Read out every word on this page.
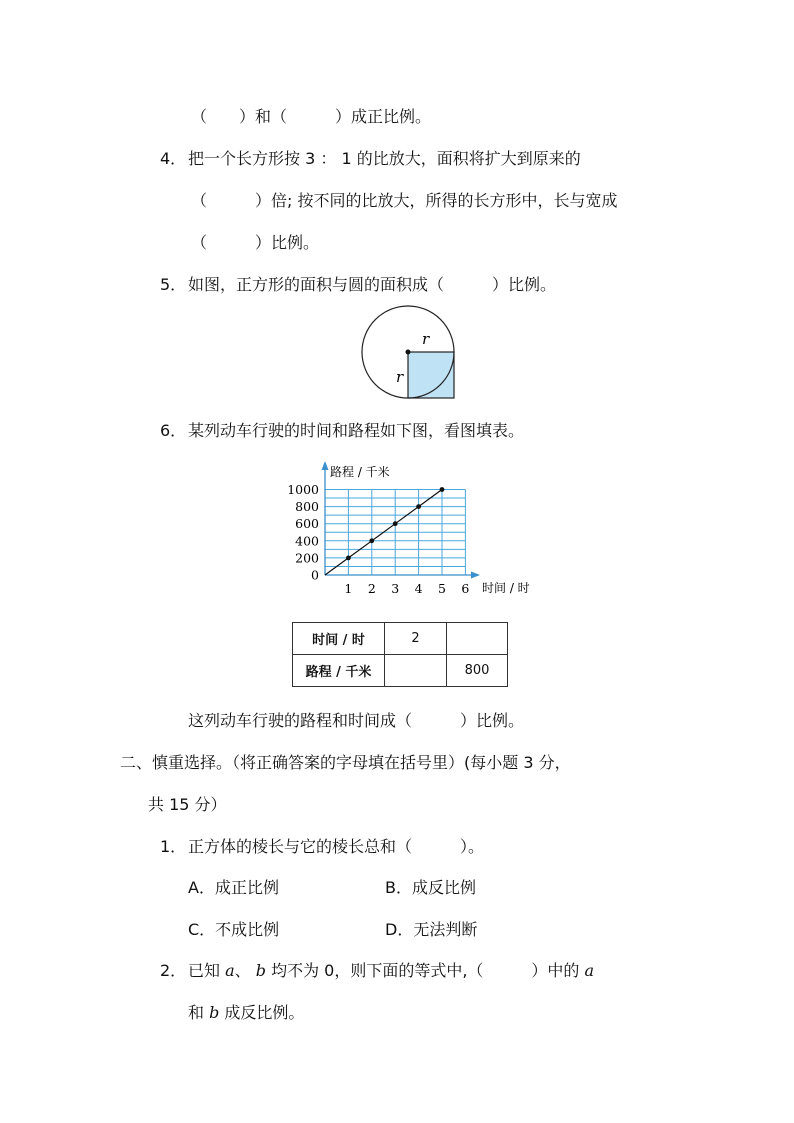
（　　）和（　　　）成正比例。
4． 把一个长方形按 3 ： 1 的比放大，面积将扩大到原来的
（　　　）倍; 按不同的比放大，所得的长方形中，长与宽成
（　　　）比例。
5． 如图，正方形的面积与圆的面积成（　　　）比例。
r
r
6． 某列动车行驶的时间和路程如下图，看图填表。
1 2 3 4 5 6
0
200
400
600
800
1000
路程 / 千米
时间 / 时
时间 / 时	2	
路程 / 千米		800
这列动车行驶的路程和时间成（　　　）比例。
二、慎重选择。（将正确答案的字母填在括号里）(每小题 3 分，
共 15 分）
1． 正方体的棱长与它的棱长总和（　　　）。
A．成正比例	B．成反比例
C．不成比例	D．无法判断
2． 已知 a、 b 均不为 0，则下面的等式中,（　　　）中的 a
和 b 成反比例。
